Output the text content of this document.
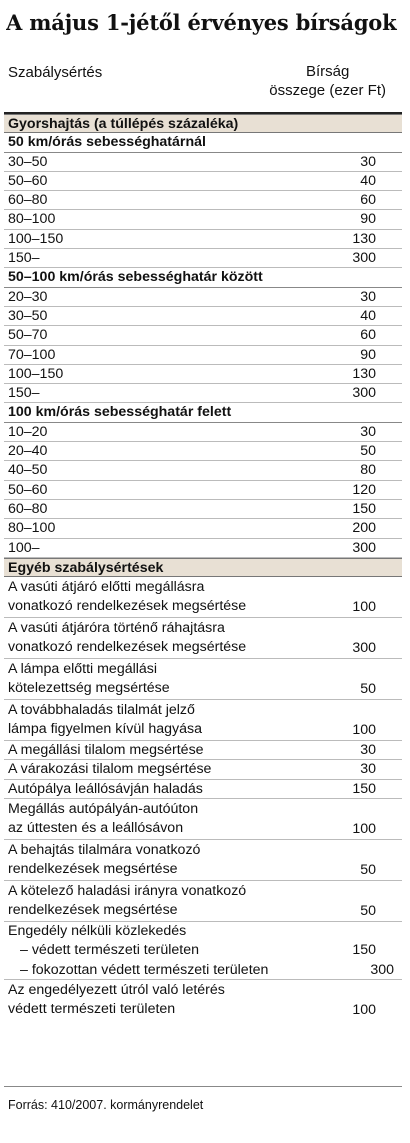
A május 1-jétől érvényes bírságok
Szabálysértés	Bírság
összege (ezer Ft)
Gyorshajtás (a túllépés százaléka)
50 km/órás sebességhatárnál
30–50	30
50–60	40
60–80	60
80–100	90
100–150	130
150–	300
50–100 km/órás sebességhatár között
20–30	30
30–50	40
50–70	60
70–100	90
100–150	130
150–	300
100 km/órás sebességhatár felett
10–20	30
20–40	50
40–50	80
50–60	120
60–80	150
80–100	200
100–	300
Egyéb szabálysértések
A vasúti átjáró előtti megállásra
vonatkozó rendelkezések megsértése	100
A vasúti átjáróra történő ráhajtásra
vonatkozó rendelkezések megsértése	300
A lámpa előtti megállási
kötelezettség megsértése	50
A továbbhaladás tilalmát jelző
lámpa figyelmen kívül hagyása	100
A megállási tilalom megsértése	30
A várakozási tilalom megsértése	30
Autópálya leállósávján haladás	150
Megállás autópályán-autóúton
az úttesten és a leállósávon	100
A behajtás tilalmára vonatkozó
rendelkezések megsértése	50
A kötelező haladási irányra vonatkozó
rendelkezések megsértése	50
Engedély nélküli közlekedés
– védett természeti területen	150
– fokozottan védett természeti területen	300
Az engedélyezett útról való letérés
védett természeti területen	100
Forrás: 410/2007. kormányrendelet
